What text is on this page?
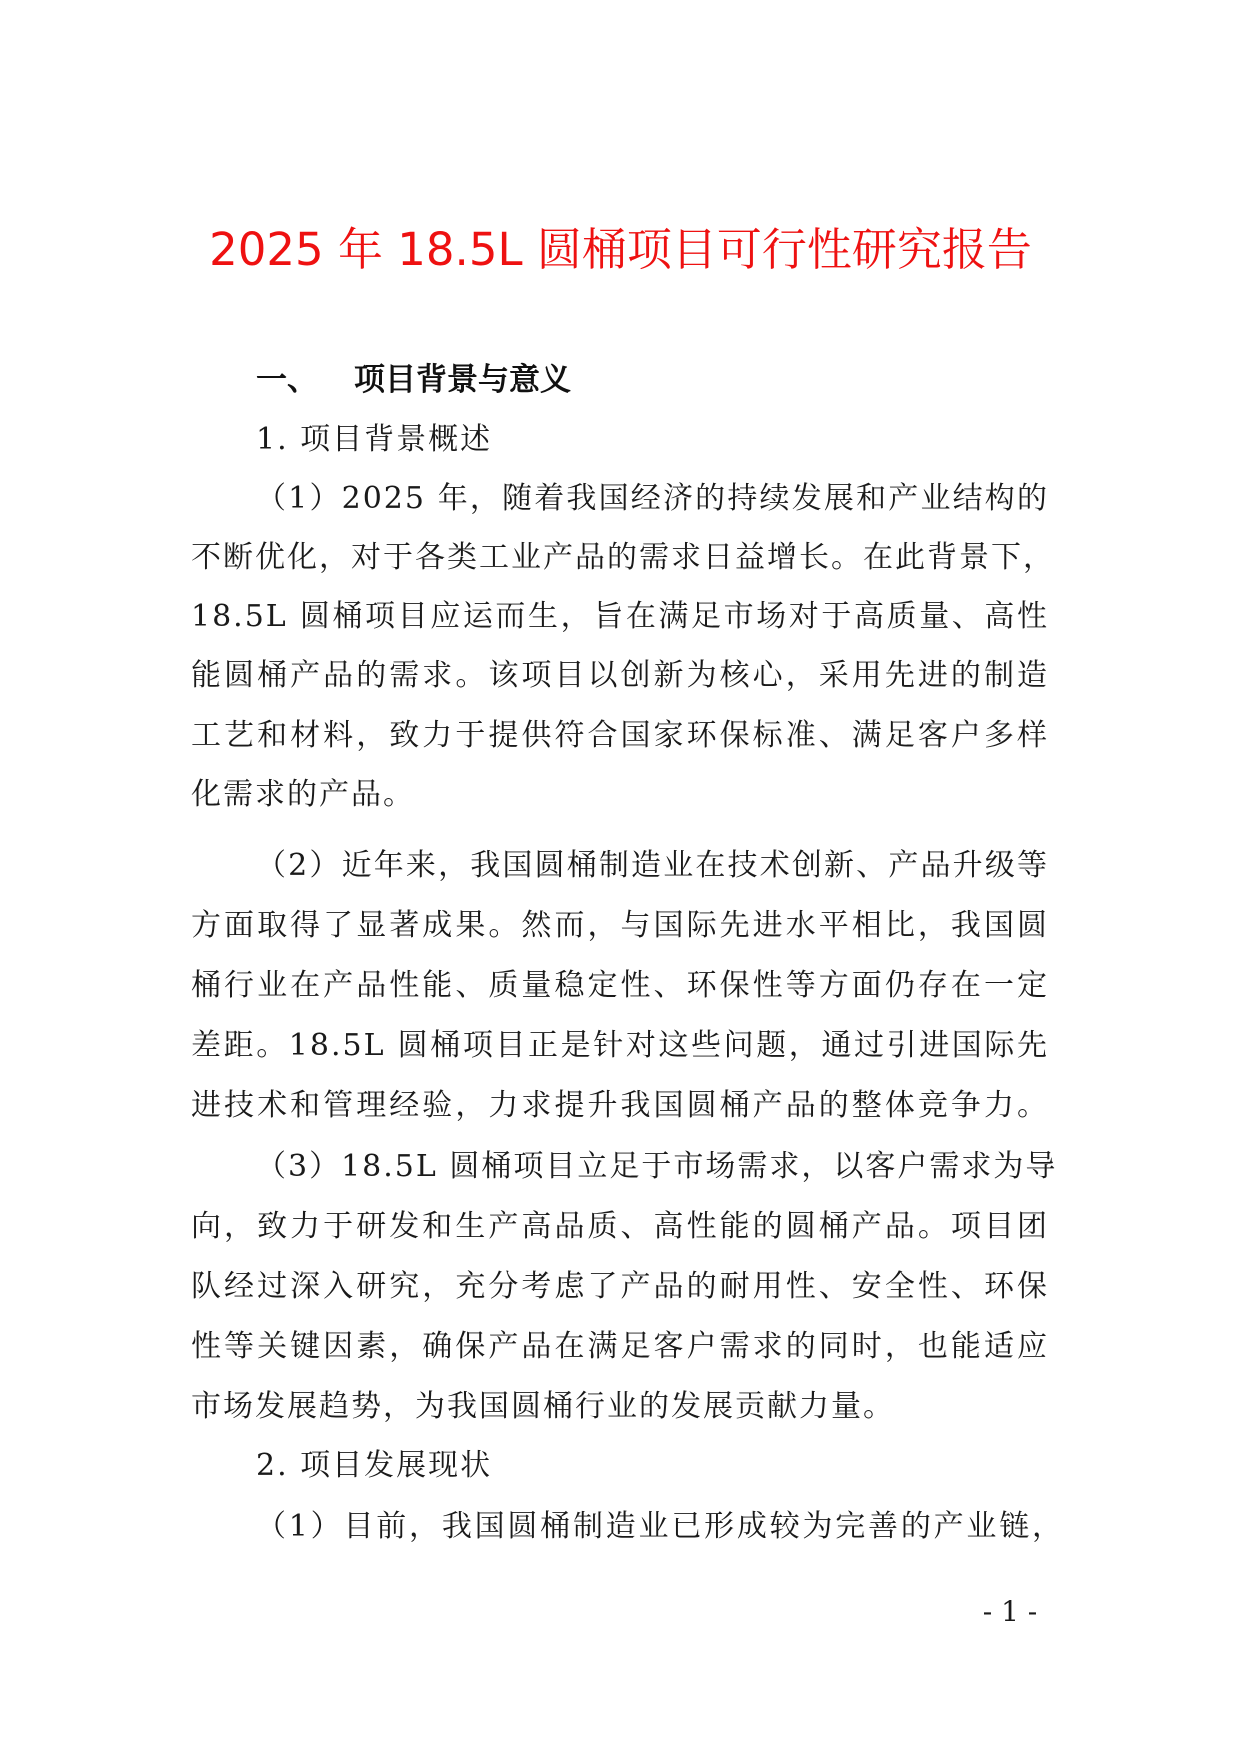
2025 年 18.5L 圆桶项目可行性研究报告
一、 项目背景与意义
1. 项目背景概述
（1）2025 年，随着我国经济的持续发展和产业结构的
不断优化，对于各类工业产品的需求日益增长。在此背景下，
18.5L 圆桶项目应运而生，旨在满足市场对于高质量、高性
能圆桶产品的需求。该项目以创新为核心，采用先进的制造
工艺和材料，致力于提供符合国家环保标准、满足客户多样
化需求的产品。
（2）近年来，我国圆桶制造业在技术创新、产品升级等
方面取得了显著成果。然而，与国际先进水平相比，我国圆
桶行业在产品性能、质量稳定性、环保性等方面仍存在一定
差距。18.5L 圆桶项目正是针对这些问题，通过引进国际先
进技术和管理经验，力求提升我国圆桶产品的整体竞争力。
（3）18.5L 圆桶项目立足于市场需求，以客户需求为导
向，致力于研发和生产高品质、高性能的圆桶产品。项目团
队经过深入研究，充分考虑了产品的耐用性、安全性、环保
性等关键因素，确保产品在满足客户需求的同时，也能适应
市场发展趋势，为我国圆桶行业的发展贡献力量。
2. 项目发展现状
（1）目前，我国圆桶制造业已形成较为完善的产业链，
- 1 -
